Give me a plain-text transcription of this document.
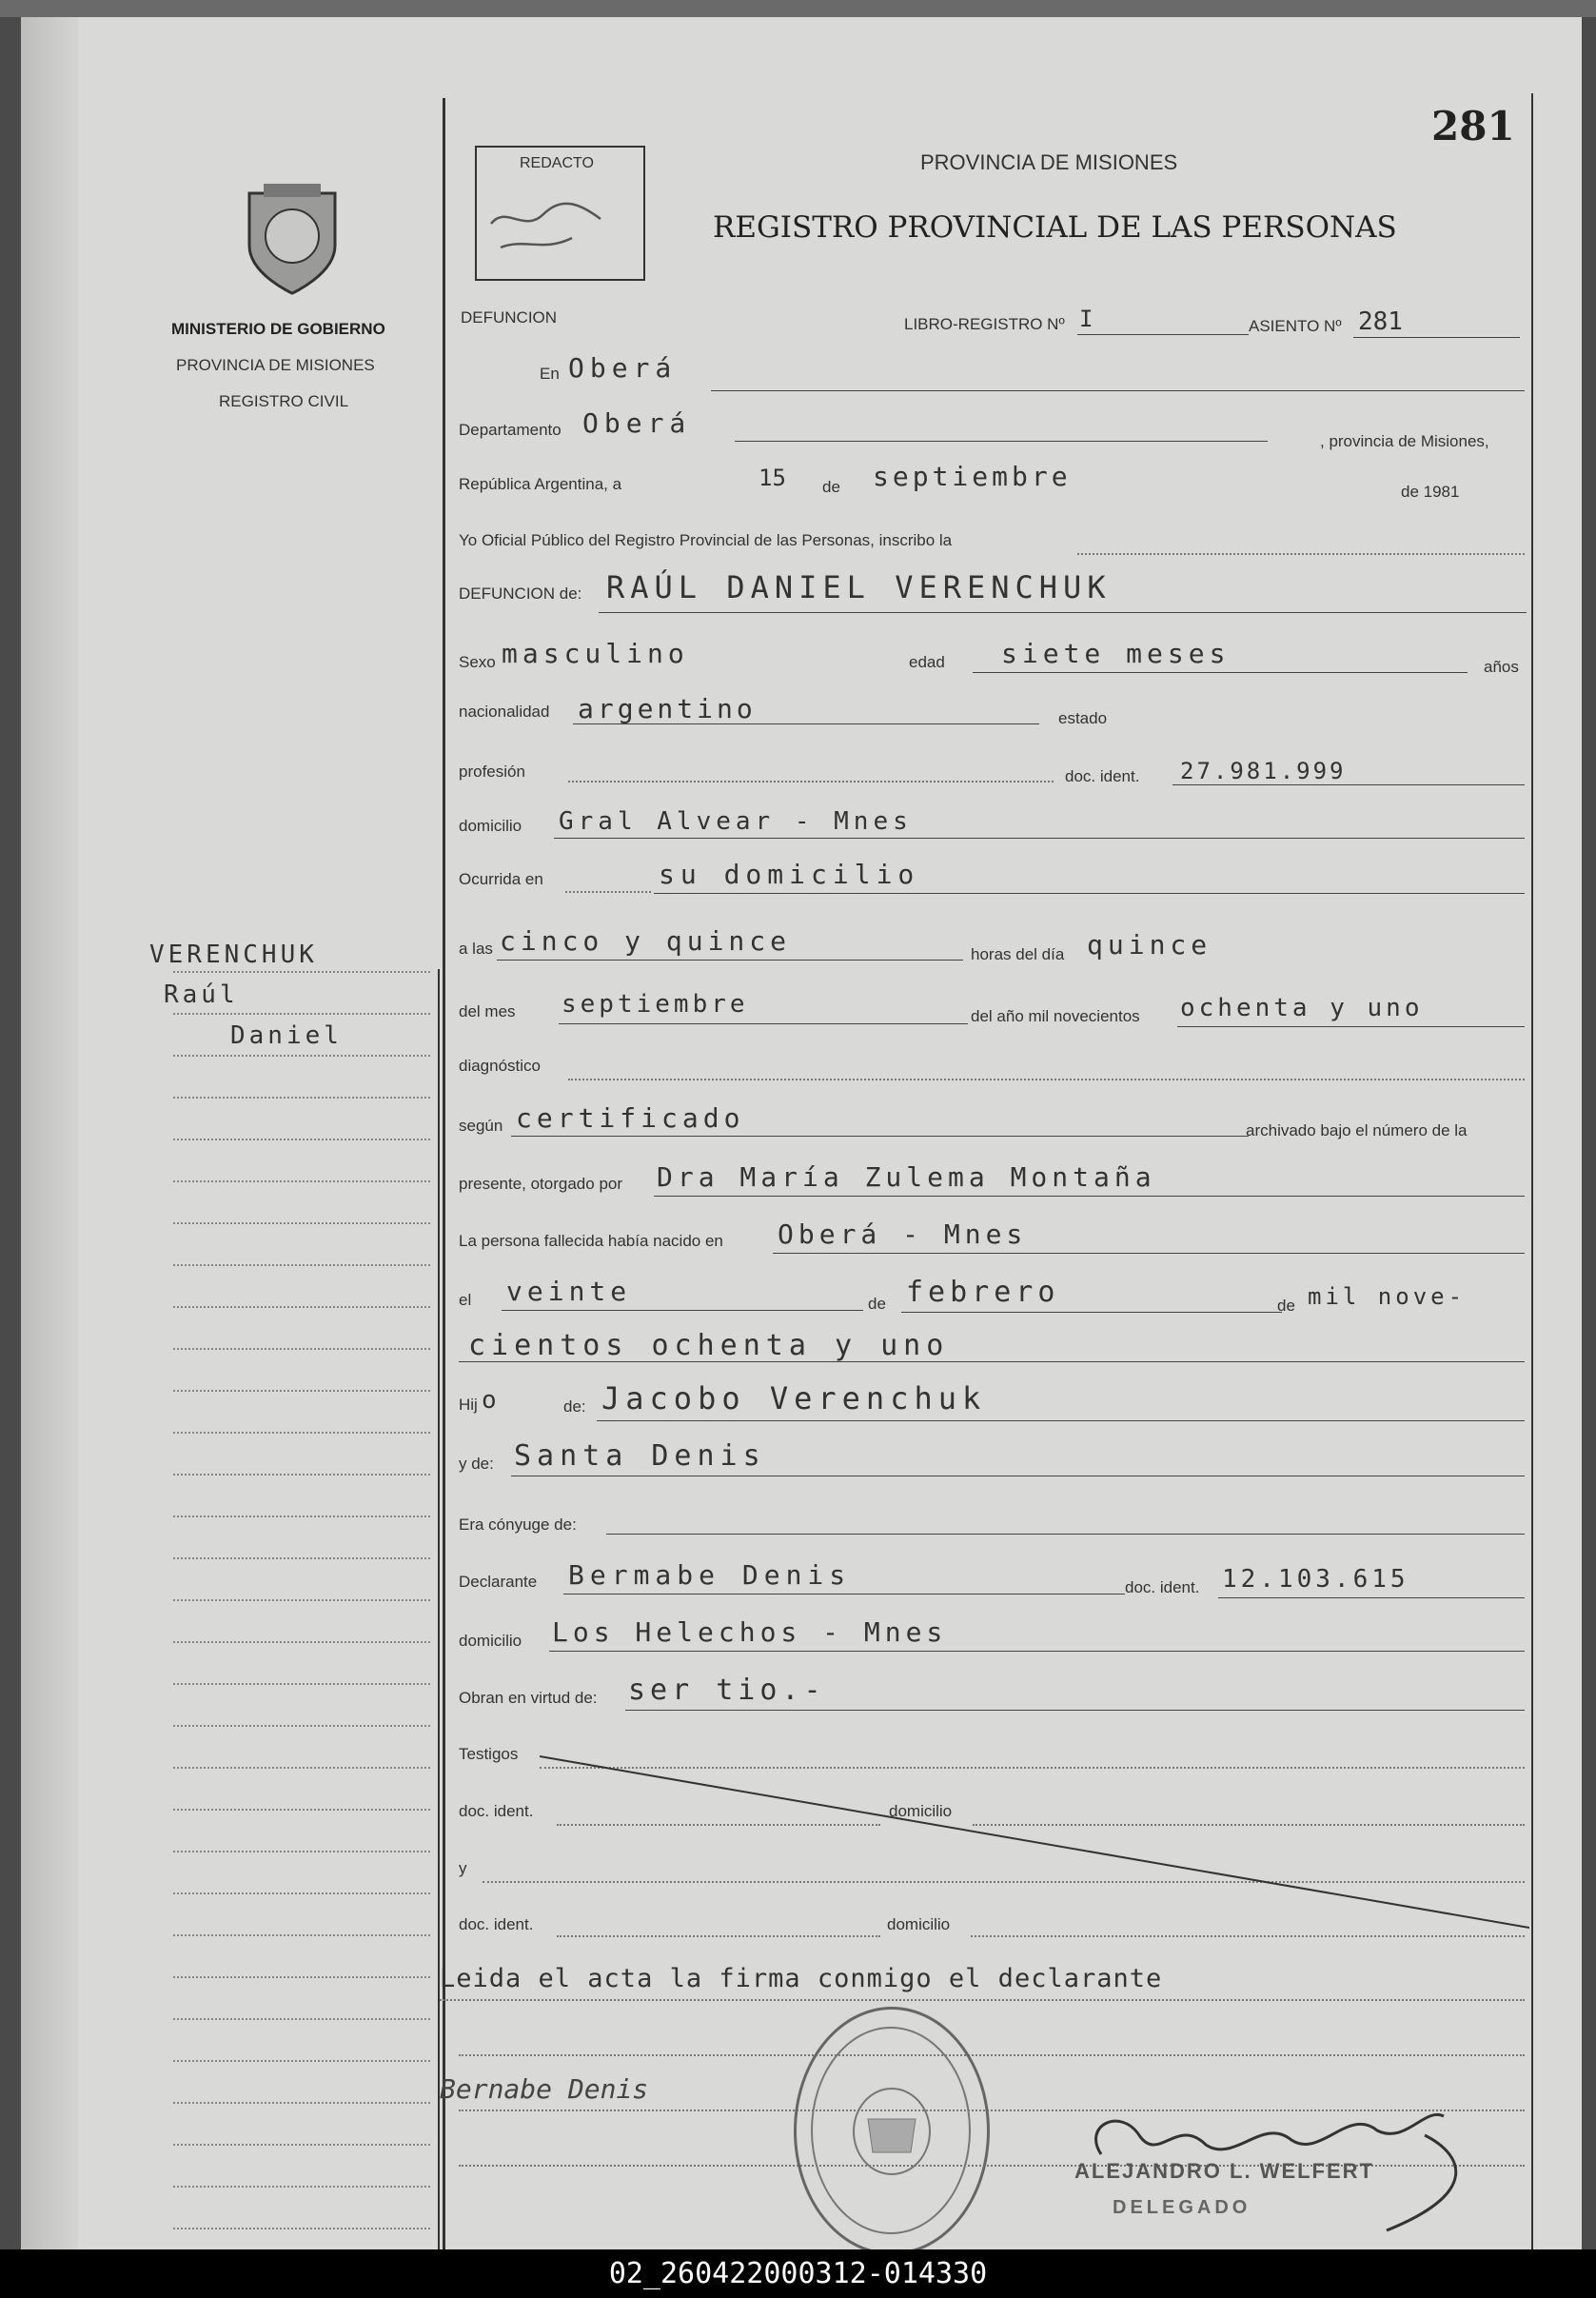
281
REDACTO	PROVINCIA DE MISIONES
REGISTRO PROVINCIAL DE LAS PERSONAS
MINISTERIO DE GOBIERNO
PROVINCIA DE MISIONES
REGISTRO CIVIL
DEFUNCION	LIBRO-REGISTRO Nº I	ASIENTO Nº 281
En Oberá
Departamento Oberá
, provincia de Misiones,
República Argentina, a	15 de septiembre	de 1981
Yo Oficial Público del Registro Provincial de las Personas, inscribo la
DEFUNCION de: RAÚL DANIEL VERENCHUK
Sexo masculino	edad siete meses	años
nacionalidad argentino	estado
profesión	doc. ident. 27.981.999
domicilio Gral Alvear - Mnes
Ocurrida en	su domicilio
a las cinco y quince	horas del día quince
del mes septiembre	del año mil novecientos ochenta y uno
diagnóstico
según certificado	archivado bajo el número de la
presente, otorgado por Dra María Zulema Montaña
La persona fallecida había nacido en Oberá - Mnes
el veinte	de febrero	de mil nove-
cientos ochenta y uno
Hij o	de: Jacobo Verenchuk
y de: Santa Denis
Era cónyuge de:
Declarante Bermabe Denis	doc. ident. 12.103.615
domicilio Los Helechos - Mnes
Obran en virtud de: ser tio.-
Testigos
doc. ident.	domicilio
y
doc. ident.	domicilio
Leida el acta la firma conmigo el declarante
VERENCHUK
Raúl
Daniel
Bernabe Denis
ALEJANDRO L. WELFERT
DELEGADO
02_260422000312-014330
